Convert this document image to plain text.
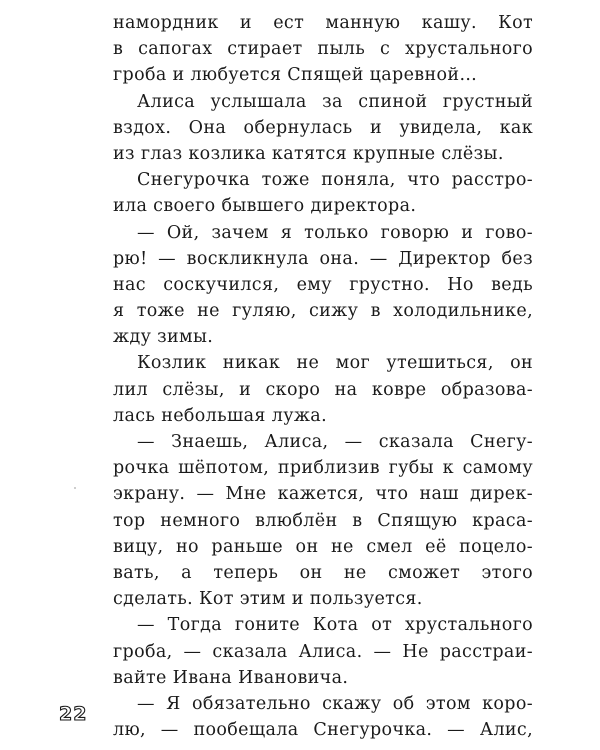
намордник и ест манную кашу. Кот
в сапогах стирает пыль с хрустального
гроба и любуется Спящей царевной…
Алиса услышала за спиной грустный
вздох. Она обернулась и увидела, как
из глаз козлика катятся крупные слёзы.
Снегурочка тоже поняла, что расстро-
ила своего бывшего директора.
— Ой, зачем я только говорю и гово-
рю! — воскликнула она. — Директор без
нас соскучился, ему грустно. Но ведь
я тоже не гуляю, сижу в холодильнике,
жду зимы.
Козлик никак не мог утешиться, он
лил слёзы, и скоро на ковре образова-
лась небольшая лужа.
— Знаешь, Алиса, — сказала Снегу-
рочка шёпотом, приблизив губы к самому
экрану. — Мне кажется, что наш дирек-
тор немного влюблён в Спящую краса-
вицу, но раньше он не смел её поцело-
вать, а теперь он не сможет этого
сделать. Кот этим и пользуется.
— Тогда гоните Кота от хрустального
гроба, — сказала Алиса. — Не расстраи-
вайте Ивана Ивановича.
— Я обязательно скажу об этом коро-
лю, — пообещала Снегурочка. — Алис,
22
